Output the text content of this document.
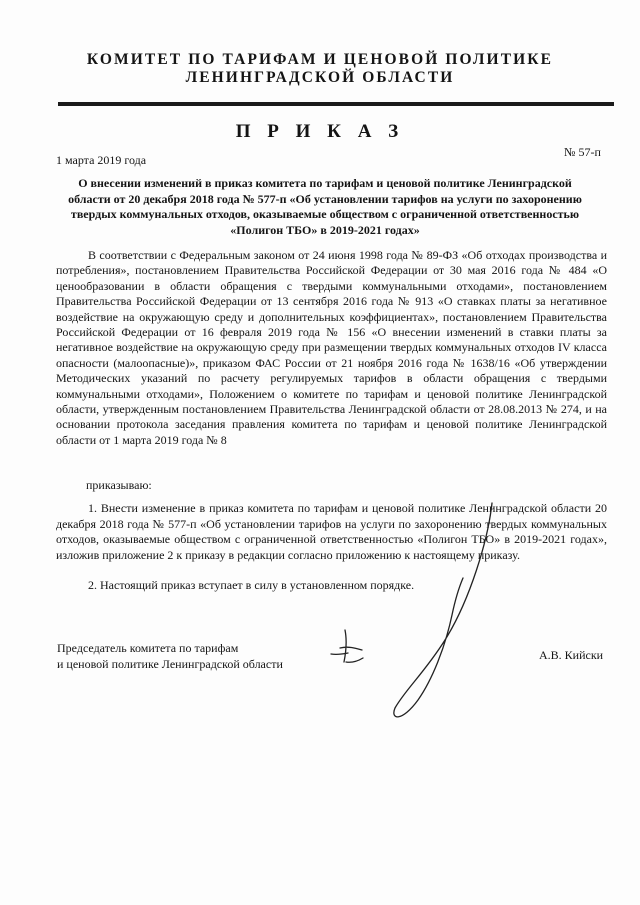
КОМИТЕТ ПО ТАРИФАМ И ЦЕНОВОЙ ПОЛИТИКЕ
ЛЕНИНГРАДСКОЙ ОБЛАСТИ
П Р И К А З
1 марта 2019 года
№ 57-п
О внесении изменений в приказ комитета по тарифам и ценовой политике Ленинградской области от 20 декабря 2018 года № 577-п «Об установлении тарифов на услуги по захоронению твердых коммунальных отходов, оказываемые обществом с ограниченной ответственностью «Полигон ТБО» в 2019-2021 годах»

В соответствии с Федеральным законом от 24 июня 1998 года № 89-ФЗ «Об отходах производства и потребления», постановлением Правительства Российской Федерации от 30 мая 2016 года № 484 «О ценообразовании в области обращения с твердыми коммунальными отходами», постановлением Правительства Российской Федерации от 13 сентября 2016 года № 913 «О ставках платы за негативное воздействие на окружающую среду и дополнительных коэффициентах», постановлением Правительства Российской Федерации от 16 февраля 2019 года № 156 «О внесении изменений в ставки платы за негативное воздействие на окружающую среду при размещении твердых коммунальных отходов IV класса опасности (малоопасные)», приказом ФАС России от 21 ноября 2016 года № 1638/16 «Об утверждении Методических указаний по расчету регулируемых тарифов в области обращения с твердыми коммунальными отходами», Положением о комитете по тарифам и ценовой политике Ленинградской области, утвержденным постановлением Правительства Ленинградской области от 28.08.2013 № 274, и на основании протокола заседания правления комитета по тарифам и ценовой политике Ленинградской области от 1 марта 2019 года № 8

приказываю:

1. Внести изменение в приказ комитета по тарифам и ценовой политике Ленинградской области 20 декабря 2018 года № 577-п «Об установлении тарифов на услуги по захоронению твердых коммунальных отходов, оказываемые обществом с ограниченной ответственностью «Полигон ТБО» в 2019-2021 годах», изложив приложение 2 к приказу в редакции согласно приложению к настоящему приказу.

2. Настоящий приказ вступает в силу в установленном порядке.

Председатель комитета по тарифам
и ценовой политике Ленинградской области
А.В. Кийски
